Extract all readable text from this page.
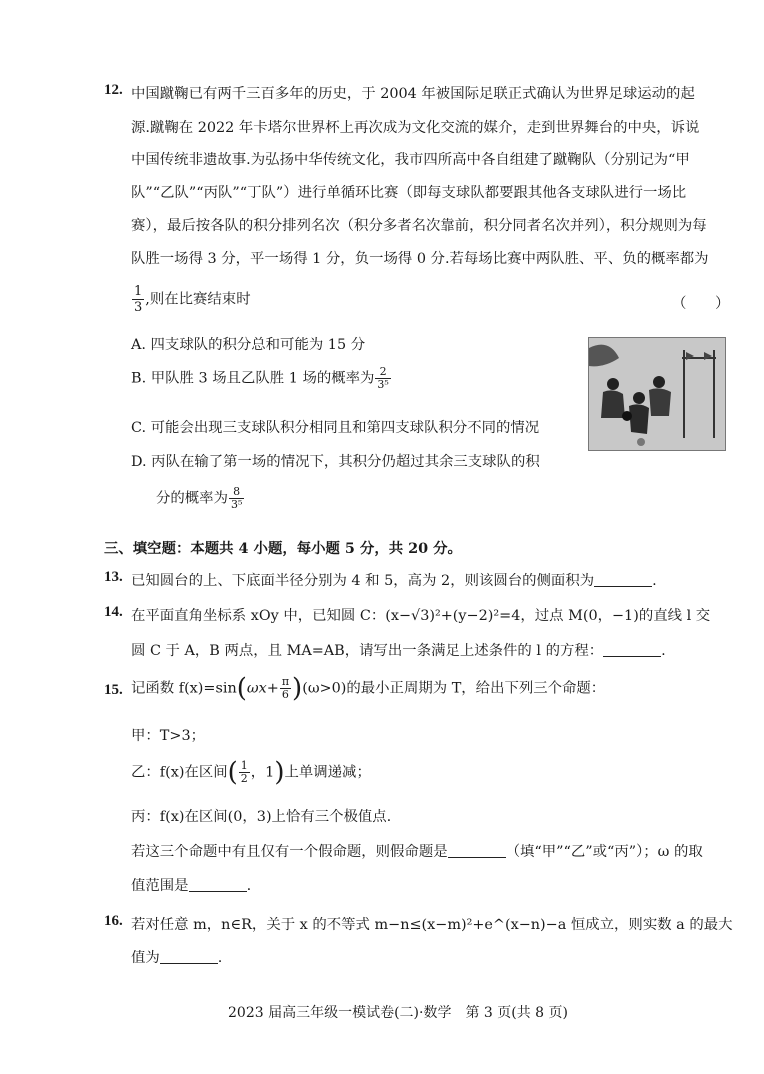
12. 中国蹴鞠已有两千三百多年的历史，于 2004 年被国际足联正式确认为世界足球运动的起
源.蹴鞠在 2022 年卡塔尔世界杯上再次成为文化交流的媒介，走到世界舞台的中央，诉说
中国传统非遗故事.为弘扬中华传统文化，我市四所高中各自组建了蹴鞠队（分别记为“甲
队”“乙队”“丙队”“丁队”）进行单循环比赛（即每支球队都要跟其他各支球队进行一场比
赛），最后按各队的积分排列名次（积分多者名次靠前，积分同者名次并列），积分规则为每
队胜一场得 3 分，平一场得 1 分，负一场得 0 分.若每场比赛中两队胜、平、负的概率都为
$\frac{1}{3}$ ,则在比赛结束时	（　　）
A. 四支球队的积分总和可能为 15 分
B. 甲队胜 3 场且乙队胜 1 场的概率为 $\frac{2}{\text{3⁵}}$
C. 可能会出现三支球队积分相同且和第四支球队积分不同的情况
D. 丙队在输了第一场的情况下，其积分仍超过其余三支球队的积
分的概率为 $\frac{8}{\text{3⁵}}$
三、填空题：本题共 4 小题，每小题 5 分，共 20 分。
13. 已知圆台的上、下底面半径分别为 4 和 5，高为 2，则该圆台的侧面积为	.
14. 在平面直角坐标系 xOy 中，已知圆 C：(x−√3)²+(y−2)²=4，过点 M(0，−1)的直线 l 交
圆 C 于 A，B 两点，且 MA=AB，请写出一条满足上述条件的 l 的方程：	.
15. 记函数 $f(x)=\sin(\omega x+ \frac{\pi}{6} )(\omega>0)$的最小正周期为 T，给出下列三个命题：
甲：T>3；
乙：f(x)在区间( $\frac{1}{2}$ ，1)上单调递减；
丙：f(x)在区间(0，3)上恰有三个极值点.
若这三个命题中有且仅有一个假命题，则假命题是	（填“甲”“乙”或“丙”）；ω 的取
值范围是	.
16. 若对任意 m，n∈R，关于 x 的不等式 m−n≤(x−m)²+e^(x−n)−a 恒成立，则实数 a 的最大
值为	.
2023 届高三年级一模试卷(二)·数学　第 3 页(共 8 页)
